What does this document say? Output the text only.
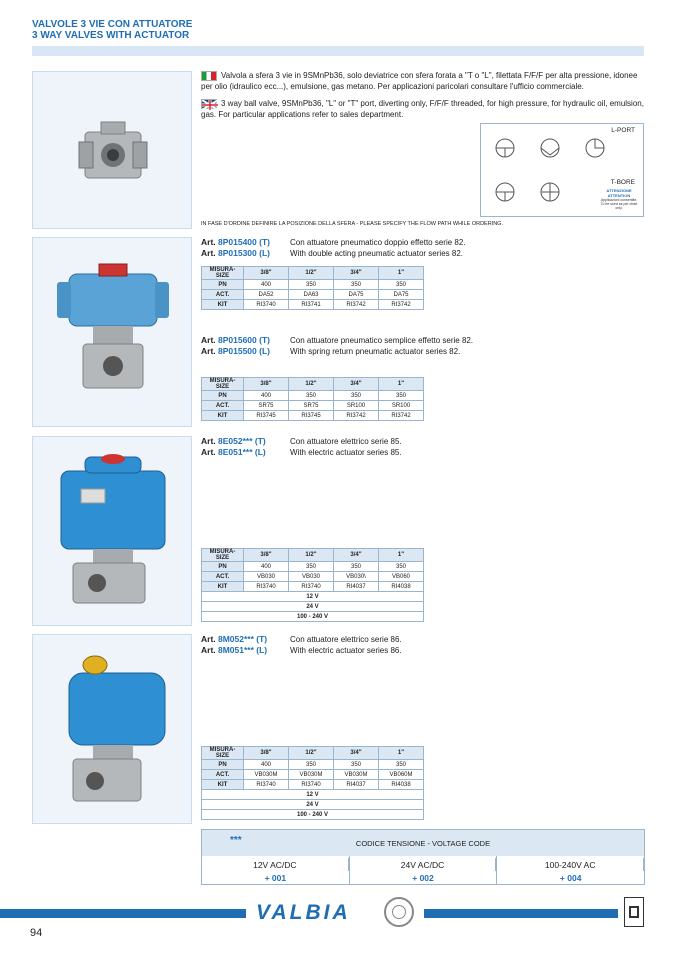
VALVOLE 3 VIE CON ATTUATORE
3 WAY VALVES WITH ACTUATOR
Valvola a sfera 3 vie in 9SMnPb36, solo deviatrice con sfera forata a "T o "L", filettata F/F/F per alta pressione, idonee per olio (idraulico ecc...), emulsione, gas metano. Per applicazioni paricolari consultare l'ufficio commerciale.
3 way ball valve, 9SMnPb36, "L" or "T" port, diverting only, F/F/F threaded, for high pressure, for hydraulic oil, emulsion, gas. For particular applications refer to sales department.
L-PORT
T-BORE
ATTENZIONE
ATTENTION
Applicazioni consentite. To be used as per chart only.
IN FASE D'ORDINE DEFINIRE LA POSIZIONE DELLA SFERA - PLEASE SPECIFY THE FLOW PATH WHILE ORDERING.
Art. 8P015400 (T)
Art. 8P015300 (L)
Con attuatore pneumatico doppio effetto serie 82.
With double acting pneumatic actuator series 82.
MISURA-SIZE	3/8"	1/2"	3/4"	1"
PN	400	350	350	350
ACT.	DA52	DA63	DA75	DA75
KIT	RI3740	RI3741	RI3742	RI3742
Art. 8P015600 (T)
Art. 8P015500 (L)
Con attuatore pneumatico semplice effetto serie 82.
With spring return pneumatic actuator series 82.
MISURA-SIZE	3/8"	1/2"	3/4"	1"
PN	400	350	350	350
ACT.	SR75	SR75	SR100	SR100
KIT	RI3745	RI3745	RI3742	RI3742
Art. 8E052*** (T)
Art. 8E051*** (L)
Con attuatore elettrico serie 85.
With electric actuator series 85.
MISURA-SIZE	3/8"	1/2"	3/4"	1"
PN	400	350	350	350
ACT.	VB030	VB030	VB030\	VB060
KIT	RI3740	RI3740	RI4037	RI4038
12 V				
24 V				
100 - 240 V				
Art. 8M052*** (T)
Art. 8M051*** (L)
Con attuatore elettrico serie 86.
With electric actuator series 86.
MISURA-SIZE	3/8"	1/2"	3/4"	1"
PN	400	350	350	350
ACT.	VB030M	VB030M	VB030M	VB060M
KIT	RI3740	RI3740	RI4037	RI4038
12 V				
24 V				
100 - 240 V				
***	CODICE TENSIONE - VOLTAGE CODE
12V AC/DC
+ 001
24V AC/DC
+ 002
100-240V AC
+ 004
VALBIA
94
